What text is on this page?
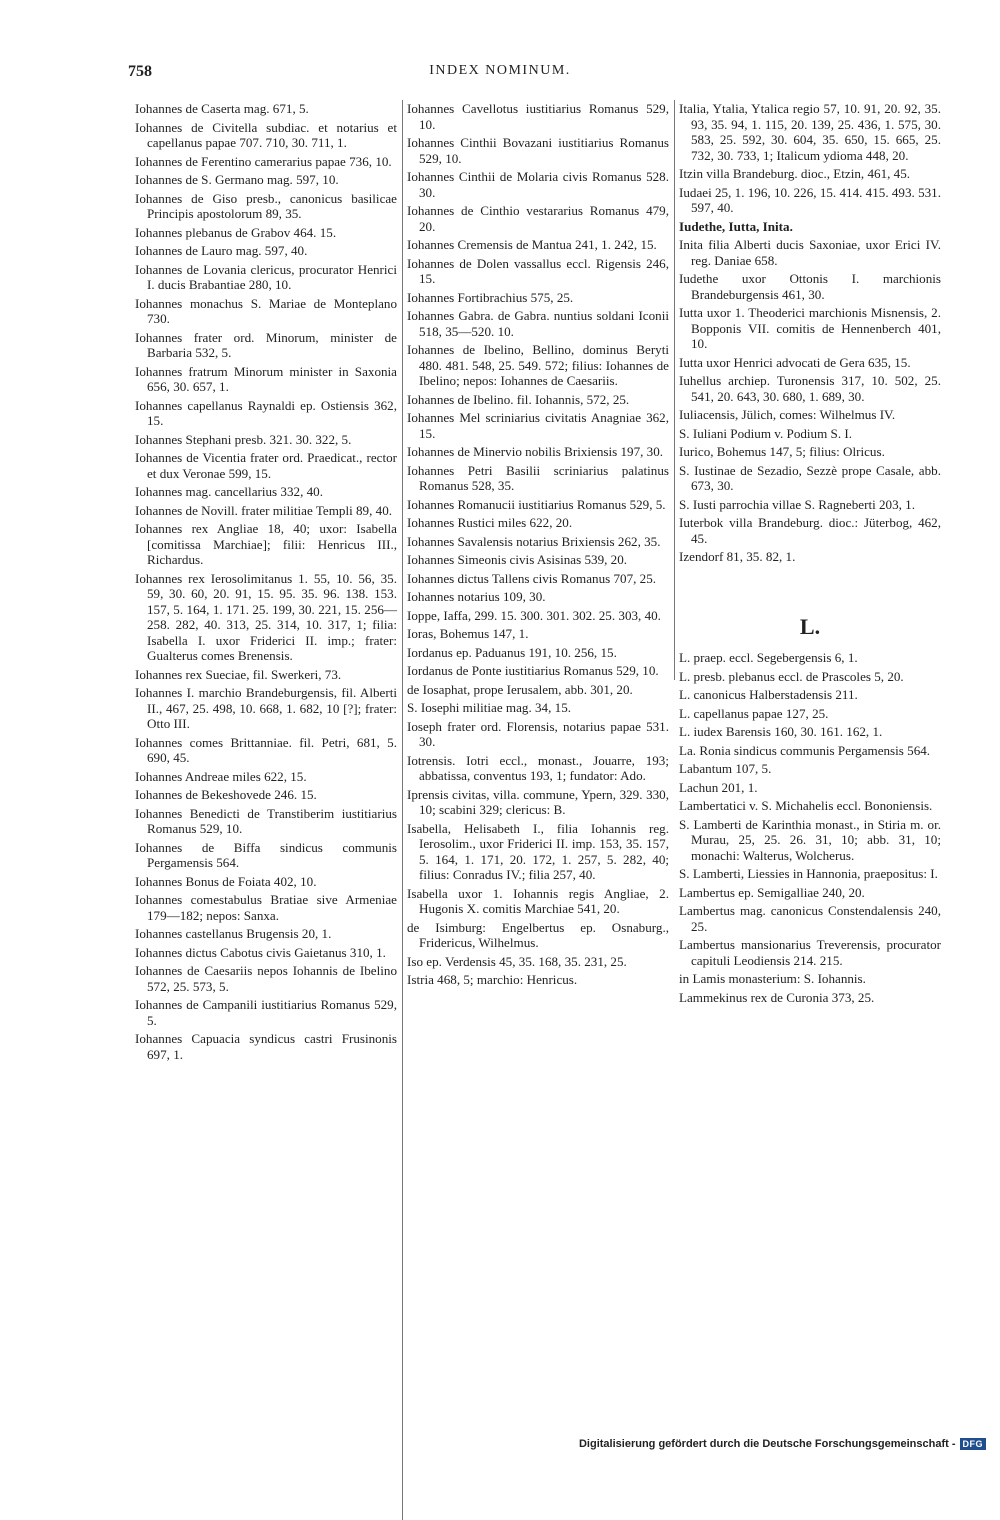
758	INDEX NOMINUM.

Iohannes de Caserta mag. 671, 5.

Iohannes de Civitella subdiac. et notarius et capellanus papae 707. 710, 30. 711, 1.

Iohannes de Ferentino camerarius papae 736, 10.

Iohannes de S. Germano mag. 597, 10.

Iohannes de Giso presb., canonicus basilicae Principis apostolorum 89, 35.

Iohannes plebanus de Grabov 464. 15.

Iohannes de Lauro mag. 597, 40.

Iohannes de Lovania clericus, procurator Henrici I. ducis Brabantiae 280, 10.

Iohannes monachus S. Mariae de Monteplano 730.

Iohannes frater ord. Minorum, minister de Barbaria 532, 5.

Iohannes fratrum Minorum minister in Saxonia 656, 30. 657, 1.

Iohannes capellanus Raynaldi ep. Ostiensis 362, 15.

Iohannes Stephani presb. 321. 30. 322, 5.

Iohannes de Vicentia frater ord. Praedicat., rector et dux Veronae 599, 15.

Iohannes mag. cancellarius 332, 40.

Iohannes de Novill. frater militiae Templi 89, 40.

Iohannes rex Angliae 18, 40; uxor: Isabella [comitissa Marchiae]; filii: Henricus III., Richardus.

Iohannes rex Ierosolimitanus 1. 55, 10. 56, 35. 59, 30. 60, 20. 91, 15. 95. 35. 96. 138. 153. 157, 5. 164, 1. 171. 25. 199, 30. 221, 15. 256—258. 282, 40. 313, 25. 314, 10. 317, 1; filia: Isabella I. uxor Friderici II. imp.; frater: Gualterus comes Brenensis.

Iohannes rex Sueciae, fil. Swerkeri, 73.

Iohannes I. marchio Brandeburgensis, fil. Alberti II., 467, 25. 498, 10. 668, 1. 682, 10 [?]; frater: Otto III.

Iohannes comes Brittanniae. fil. Petri, 681, 5. 690, 45.

Iohannes Andreae miles 622, 15.

Iohannes de Bekeshovede 246. 15.

Iohannes Benedicti de Transtiberim iustitiarius Romanus 529, 10.

Iohannes de Biffa sindicus communis Pergamensis 564.

Iohannes Bonus de Foiata 402, 10.

Iohannes comestabulus Bratiae sive Armeniae 179—182; nepos: Sanxa.

Iohannes castellanus Brugensis 20, 1.

Iohannes dictus Cabotus civis Gaietanus 310, 1.

Iohannes de Caesariis nepos Iohannis de Ibelino 572, 25. 573, 5.

Iohannes de Campanili iustitiarius Romanus 529, 5.

Iohannes Capuacia syndicus castri Frusinonis 697, 1.

Iohannes Cavellotus iustitiarius Romanus 529, 10.

Iohannes Cinthii Bovazani iustitiarius Romanus 529, 10.

Iohannes Cinthii de Molaria civis Romanus 528. 30.

Iohannes de Cinthio vestararius Romanus 479, 20.

Iohannes Cremensis de Mantua 241, 1. 242, 15.

Iohannes de Dolen vassallus eccl. Rigensis 246, 15.

Iohannes Fortibrachius 575, 25.

Iohannes Gabra. de Gabra. nuntius soldani Iconii 518, 35—520. 10.

Iohannes de Ibelino, Bellino, dominus Beryti 480. 481. 548, 25. 549. 572; filius: Iohannes de Ibelino; nepos: Iohannes de Caesariis.

Iohannes de Ibelino. fil. Iohannis, 572, 25.

Iohannes Mel scriniarius civitatis Anagniae 362, 15.

Iohannes de Minervio nobilis Brixiensis 197, 30.

Iohannes Petri Basilii scriniarius palatinus Romanus 528, 35.

Iohannes Romanucii iustitiarius Romanus 529, 5.

Iohannes Rustici miles 622, 20.

Iohannes Savalensis notarius Brixiensis 262, 35.

Iohannes Simeonis civis Asisinas 539, 20.

Iohannes dictus Tallens civis Romanus 707, 25.

Iohannes notarius 109, 30.

Ioppe, Iaffa, 299. 15. 300. 301. 302. 25. 303, 40.

Ioras, Bohemus 147, 1.

Iordanus ep. Paduanus 191, 10. 256, 15.

Iordanus de Ponte iustitiarius Romanus 529, 10.

de Iosaphat, prope Ierusalem, abb. 301, 20.

S. Iosephi militiae mag. 34, 15.

Ioseph frater ord. Florensis, notarius papae 531. 30.

Iotrensis. Iotri eccl., monast., Jouarre, 193; abbatissa, conventus 193, 1; fundator: Ado.

Iprensis civitas, villa. commune, Ypern, 329. 330, 10; scabini 329; clericus: B.

Isabella, Helisabeth I., filia Iohannis reg. Ierosolim., uxor Friderici II. imp. 153, 35. 157, 5. 164, 1. 171, 20. 172, 1. 257, 5. 282, 40; filius: Conradus IV.; filia 257, 40.

Isabella uxor 1. Iohannis regis Angliae, 2. Hugonis X. comitis Marchiae 541, 20.

de Isimburg: Engelbertus ep. Osnaburg., Fridericus, Wilhelmus.

Iso ep. Verdensis 45, 35. 168, 35. 231, 25.

Istria 468, 5; marchio: Henricus.

Italia, Ytalia, Ytalica regio 57, 10. 91, 20. 92, 35. 93, 35. 94, 1. 115, 20. 139, 25. 436, 1. 575, 30. 583, 25. 592, 30. 604, 35. 650, 15. 665, 25. 732, 30. 733, 1; Italicum ydioma 448, 20.

Itzin villa Brandeburg. dioc., Etzin, 461, 45.

Iudaei 25, 1. 196, 10. 226, 15. 414. 415. 493. 531. 597, 40.

Iudethe, Iutta, Inita.

Inita filia Alberti ducis Saxoniae, uxor Erici IV. reg. Daniae 658.

Iudethe uxor Ottonis I. marchionis Brandeburgensis 461, 30.

Iutta uxor 1. Theoderici marchionis Misnensis, 2. Bopponis VII. comitis de Hennenberch 401, 10.

Iutta uxor Henrici advocati de Gera 635, 15.

Iuhellus archiep. Turonensis 317, 10. 502, 25. 541, 20. 643, 30. 680, 1. 689, 30.

Iuliacensis, Jülich, comes: Wilhelmus IV.

S. Iuliani Podium v. Podium S. I.

Iurico, Bohemus 147, 5; filius: Olricus.

S. Iustinae de Sezadio, Sezzè prope Casale, abb. 673, 30.

S. Iusti parrochia villae S. Ragneberti 203, 1.

Iuterbok villa Brandeburg. dioc.: Jüterbog, 462, 45.

Izendorf 81, 35. 82, 1.

L.

L. praep. eccl. Segebergensis 6, 1.

L. presb. plebanus eccl. de Prascoles 5, 20.

L. canonicus Halberstadensis 211.

L. capellanus papae 127, 25.

L. iudex Barensis 160, 30. 161. 162, 1.

La. Ronia sindicus communis Pergamensis 564.

Labantum 107, 5.

Lachun 201, 1.

Lambertatici v. S. Michahelis eccl. Bononiensis.

S. Lamberti de Karinthia monast., in Stiria m. or. Murau, 25, 25. 26. 31, 10; abb. 31, 10; monachi: Walterus, Wolcherus.

S. Lamberti, Liessies in Hannonia, praepositus: I.

Lambertus ep. Semigalliae 240, 20.

Lambertus mag. canonicus Constendalensis 240, 25.

Lambertus mansionarius Treverensis, procurator capituli Leodiensis 214. 215.

in Lamis monasterium: S. Iohannis.

Lammekinus rex de Curonia 373, 25.

Digitalisierung gefördert durch die Deutsche Forschungsgemeinschaft - DFG
